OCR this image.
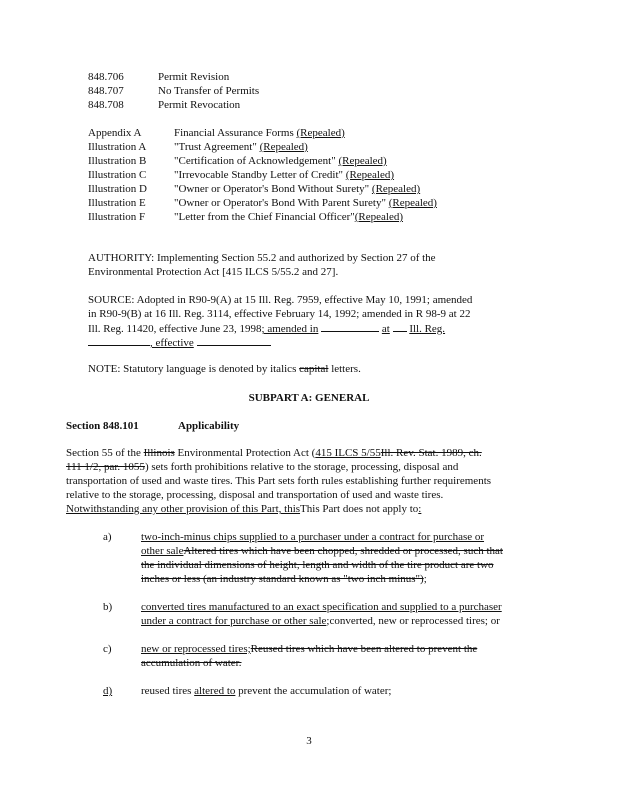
848.706	Permit Revision
848.707	No Transfer of Permits
848.708	Permit Revocation
Appendix A	Financial Assurance Forms (Repealed)
Illustration A	"Trust Agreement" (Repealed)
Illustration B	"Certification of Acknowledgement" (Repealed)
Illustration C	"Irrevocable Standby Letter of Credit" (Repealed)
Illustration D "Owner or Operator's Bond Without Surety" (Repealed)
Illustration E	"Owner or Operator's Bond With Parent Surety" (Repealed)
Illustration F	"Letter from the Chief Financial Officer"(Repealed)
AUTHORITY: Implementing Section 55.2 and authorized by Section 27 of the
Environmental Protection Act [415 ILCS 5/55.2 and 27].
SOURCE: Adopted in R90-9(A) at 15 Ill. Reg. 7959, effective May 10, 1991; amended
in R90-9(B) at 16 Ill. Reg. 3114, effective February 14, 1992; amended in R 98-9 at 22
Ill. Reg. 11420, effective June 23, 1998; amended in	at Ill. Reg.
, effective
NOTE: Statutory language is denoted by italics capital letters.
SUBPART A: GENERAL
Section 848.101	Applicability
Section 55 of the Illinois Environmental Protection Act (415 ILCS 5/55Ill. Rev. Stat. 1989, ch.
111 1/2, par. 1055) sets forth prohibitions relative to the storage, processing, disposal and
transportation of used and waste tires. This Part sets forth rules establishing further requirements
relative to the storage, processing, disposal and transportation of used and waste tires.
Notwithstanding any other provision of this Part, thisThis Part does not apply to:
a)	two-inch-minus chips supplied to a purchaser under a contract for purchase or
other saleAltered tires which have been chopped, shredded or processed, such that
the individual dimensions of height, length and width of the tire product are two
inches or less (an industry standard known as "two inch minus");
b)	converted tires manufactured to an exact specification and supplied to a purchaser
under a contract for purchase or other sale;converted, new or reprocessed tires; or
c)	new or reprocessed tires;Reused tires which have been altered to prevent the
accumulation of water.
d)	reused tires altered to prevent the accumulation of water;
3
